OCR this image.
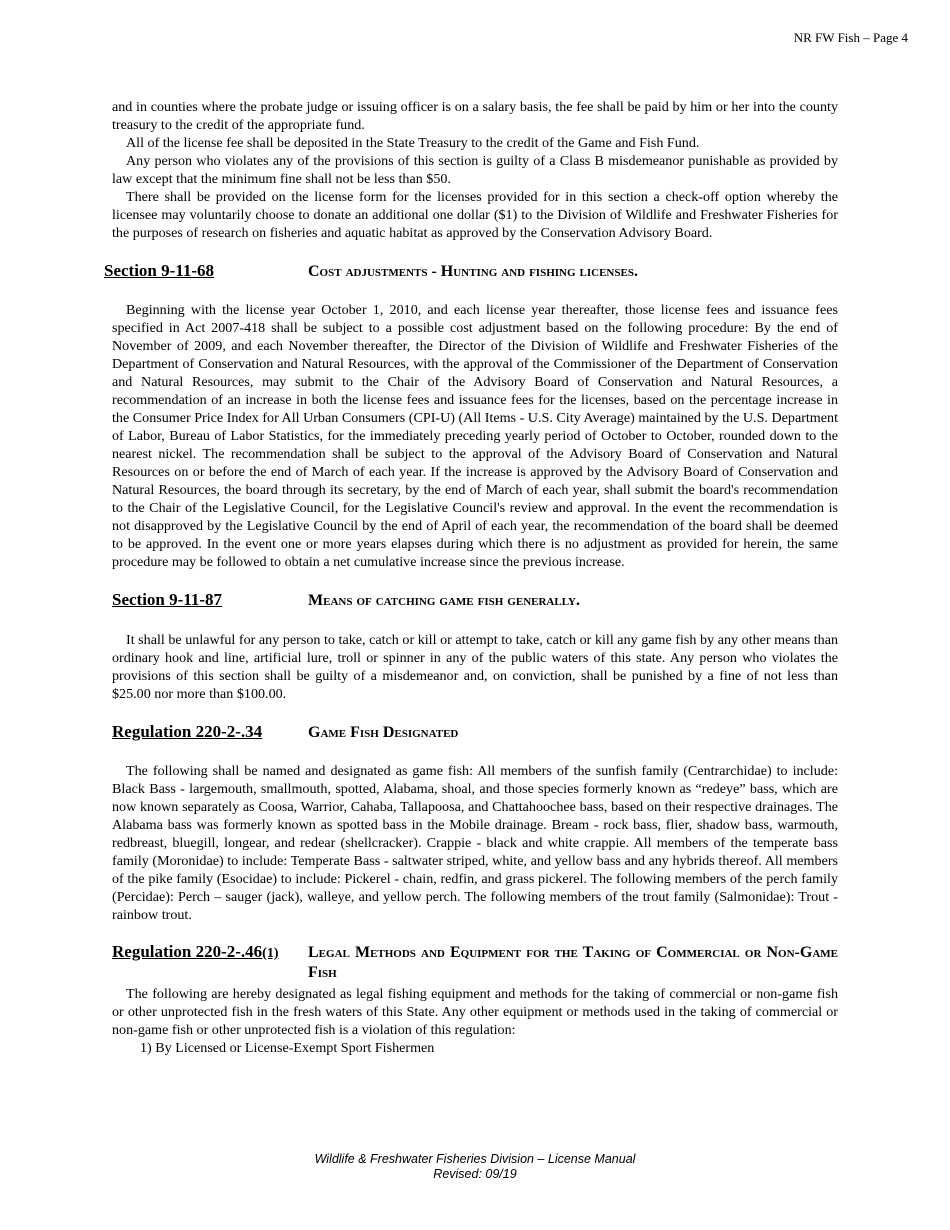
NR FW Fish – Page 4

and in counties where the probate judge or issuing officer is on a salary basis, the fee shall be paid by him or her into the county treasury to the credit of the appropriate fund.

All of the license fee shall be deposited in the State Treasury to the credit of the Game and Fish Fund.

Any person who violates any of the provisions of this section is guilty of a Class B misdemeanor punishable as provided by law except that the minimum fine shall not be less than $50.

There shall be provided on the license form for the licenses provided for in this section a check-off option whereby the licensee may voluntarily choose to donate an additional one dollar ($1) to the Division of Wildlife and Freshwater Fisheries for the purposes of research on fisheries and aquatic habitat as approved by the Conservation Advisory Board.

Section 9-11-68	Cost adjustments - Hunting and fishing licenses.

Beginning with the license year October 1, 2010, and each license year thereafter, those license fees and issuance fees specified in Act 2007-418 shall be subject to a possible cost adjustment based on the following procedure: By the end of November of 2009, and each November thereafter, the Director of the Division of Wildlife and Freshwater Fisheries of the Department of Conservation and Natural Resources, with the approval of the Commissioner of the Department of Conservation and Natural Resources, may submit to the Chair of the Advisory Board of Conservation and Natural Resources, a recommendation of an increase in both the license fees and issuance fees for the licenses, based on the percentage increase in the Consumer Price Index for All Urban Consumers (CPI-U) (All Items - U.S. City Average) maintained by the U.S. Department of Labor, Bureau of Labor Statistics, for the immediately preceding yearly period of October to October, rounded down to the nearest nickel. The recommendation shall be subject to the approval of the Advisory Board of Conservation and Natural Resources on or before the end of March of each year. If the increase is approved by the Advisory Board of Conservation and Natural Resources, the board through its secretary, by the end of March of each year, shall submit the board's recommendation to the Chair of the Legislative Council, for the Legislative Council's review and approval. In the event the recommendation is not disapproved by the Legislative Council by the end of April of each year, the recommendation of the board shall be deemed to be approved. In the event one or more years elapses during which there is no adjustment as provided for herein, the same procedure may be followed to obtain a net cumulative increase since the previous increase.

Section 9-11-87	Means of catching game fish generally.

It shall be unlawful for any person to take, catch or kill or attempt to take, catch or kill any game fish by any other means than ordinary hook and line, artificial lure, troll or spinner in any of the public waters of this state. Any person who violates the provisions of this section shall be guilty of a misdemeanor and, on conviction, shall be punished by a fine of not less than $25.00 nor more than $100.00.

Regulation 220-2-.34	Game Fish Designated

The following shall be named and designated as game fish: All members of the sunfish family (Centrarchidae) to include: Black Bass - largemouth, smallmouth, spotted, Alabama, shoal, and those species formerly known as “redeye” bass, which are now known separately as Coosa, Warrior, Cahaba, Tallapoosa, and Chattahoochee bass, based on their respective drainages. The Alabama bass was formerly known as spotted bass in the Mobile drainage. Bream - rock bass, flier, shadow bass, warmouth, redbreast, bluegill, longear, and redear (shellcracker). Crappie - black and white crappie. All members of the temperate bass family (Moronidae) to include: Temperate Bass - saltwater striped, white, and yellow bass and any hybrids thereof. All members of the pike family (Esocidae) to include: Pickerel - chain, redfin, and grass pickerel. The following members of the perch family (Percidae): Perch – sauger (jack), walleye, and yellow perch. The following members of the trout family (Salmonidae): Trout - rainbow trout.

Regulation 220-2-.46(1)	Legal Methods and Equipment for the Taking of Commercial or Non-Game Fish

The following are hereby designated as legal fishing equipment and methods for the taking of commercial or non-game fish or other unprotected fish in the fresh waters of this State. Any other equipment or methods used in the taking of commercial or non-game fish or other unprotected fish is a violation of this regulation:

1) By Licensed or License-Exempt Sport Fishermen

Wildlife & Freshwater Fisheries Division – License Manual
Revised: 09/19
